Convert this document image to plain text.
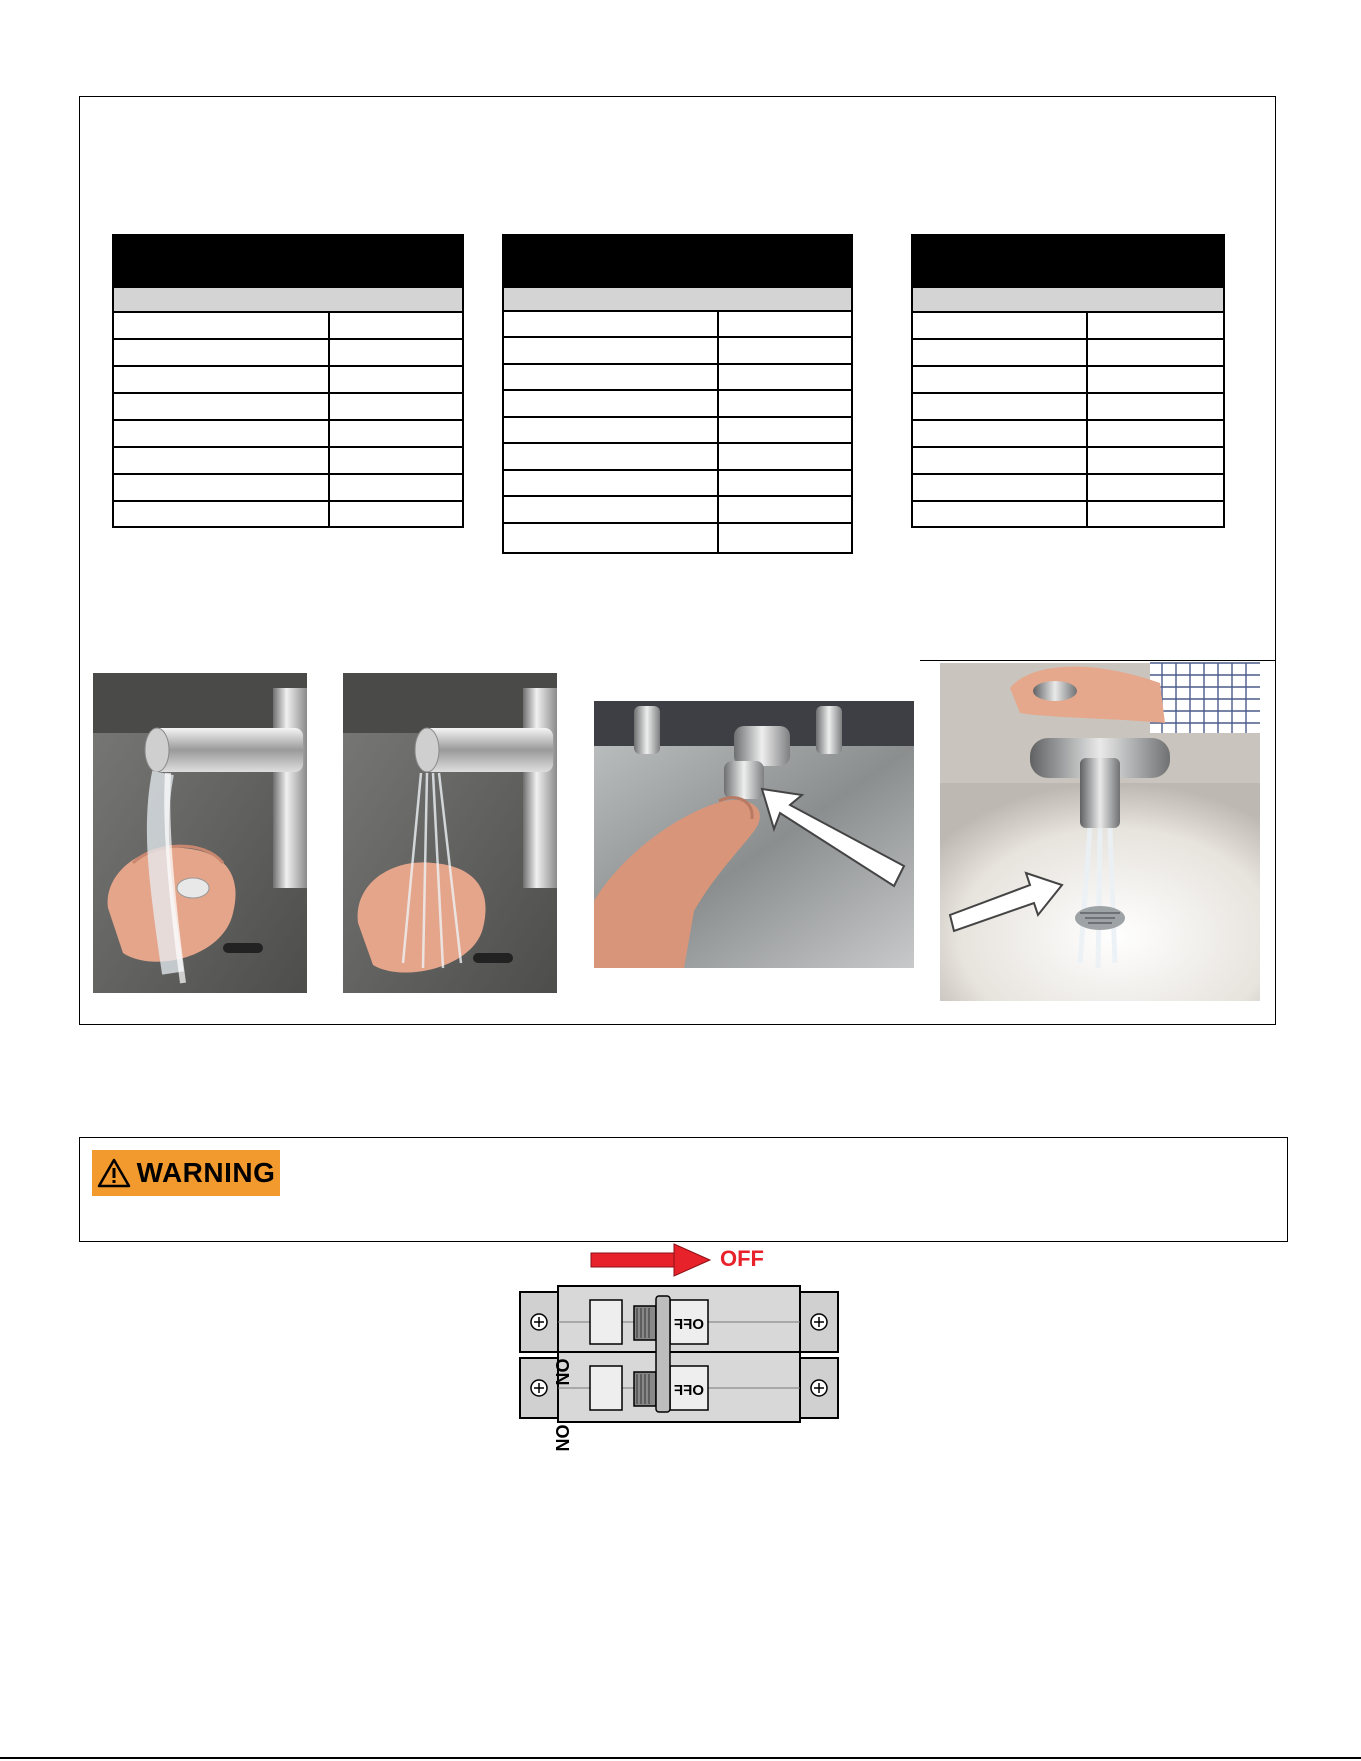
WARNING
OFF
ON
OFF
ON
OFF
